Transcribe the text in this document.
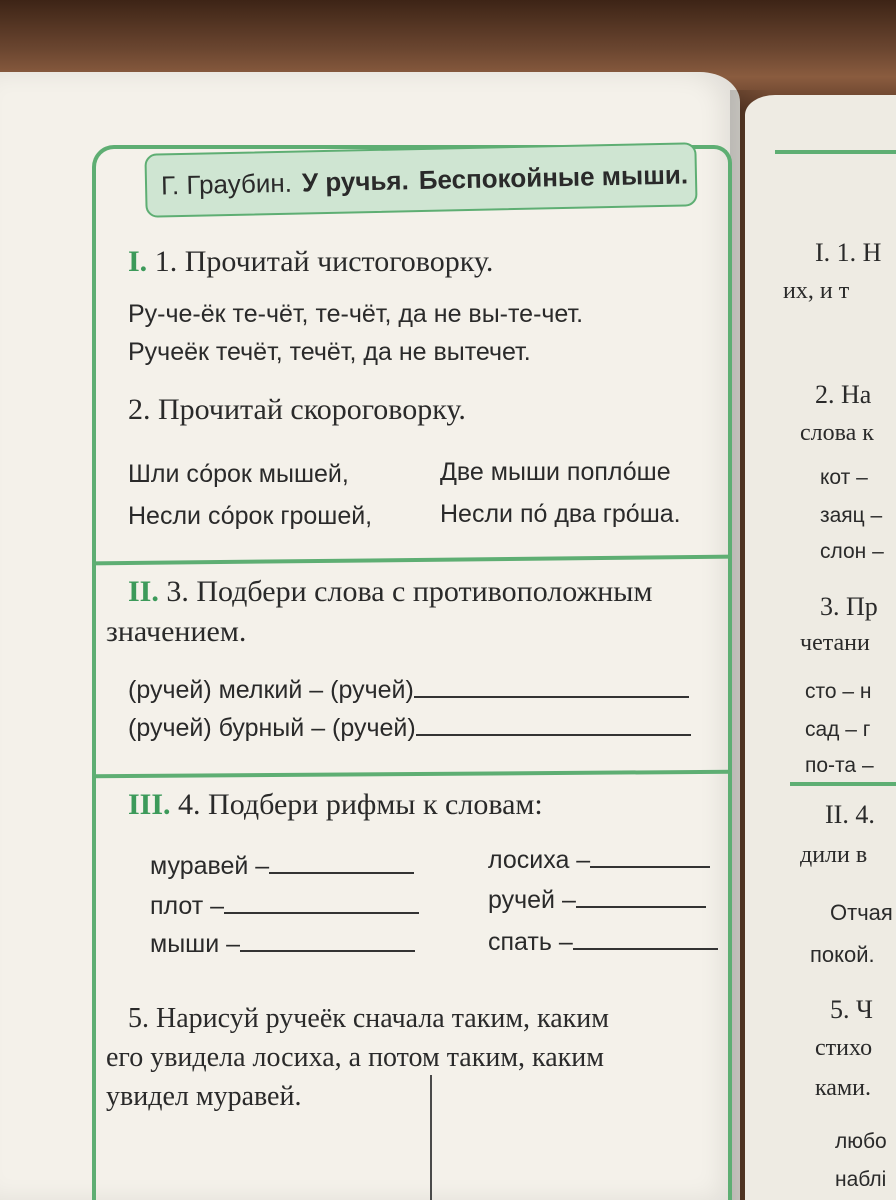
I. 1. Н
их, и т
2. На
слова к
кот –
заяц –
слон –
3. Пр
четани
сто – н
сад – г
по-та –
II. 4.
дили в
Отчая
покой.
5. Ч
стихо
ками.
любо
наблі
Г. Граубин. У ручья. Беспокойные мыши.
I. 1. Прочитай чистоговорку.
Ру-че-ёк те-чёт, те-чёт, да не вы-те-чет.
Ручеёк течёт, течёт, да не вытечет.
2. Прочитай скороговорку.
Шли со́рок мышей,
Несли со́рок грошей,
Две мыши попло́ше
Несли по́ два гро́ша.
II. 3. Подбери слова с противоположным
значением.
(ручей) мелкий – (ручей)
(ручей) бурный – (ручей)
III. 4. Подбери рифмы к словам:
муравей –
плот –
мыши –
лосиха –
ручей –
спать –
5. Нарисуй ручеёк сначала таким, каким
его увидела лосиха, а потом таким, каким
увидел муравей.
